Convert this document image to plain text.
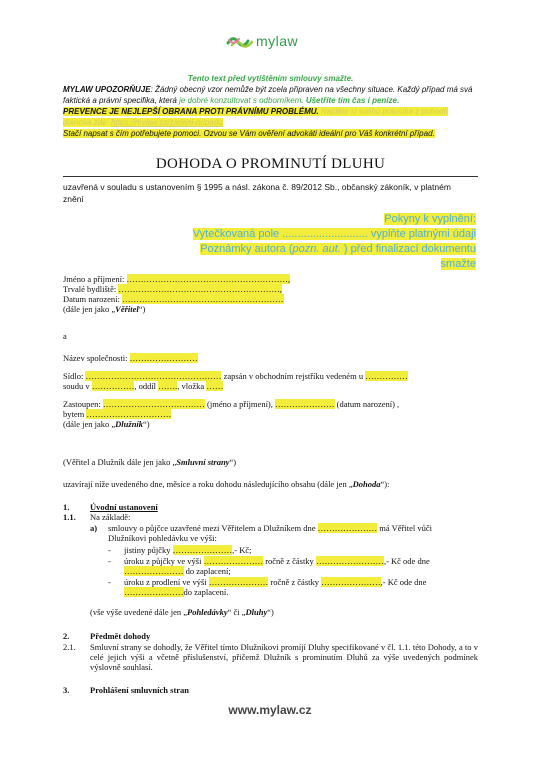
mylaw
Tento text před vytištěním smlouvy smažte.
MYLAW UPOZORŇUJE: Žádný obecný vzor nemůže být zcela připraven na všechny situace. Každý případ má svá faktická a právní specifika, která je dobré konzultovat s odborníkem. Ušetříte tím čas i peníze.
PREVENCE JE NEJLEPŠÍ OBRANA PROTI PRÁVNÍMU PROBLÉMU. Najděte si svého právníka z pohodlí domova zde: https://mylaw.cz/zadani-pripadu
Stačí napsat s čím potřebujete pomoci. Ozvou se Vám ověření advokáti ideální pro Váš konkrétní případ.
DOHODA O PROMINUTÍ DLUHU
uzavřená v souladu s ustanovením § 1995 a násl. zákona č. 89/2012 Sb., občanský zákoník, v platném znění
Pokyny k vyplnění:
Vytečkovaná pole ............................ vyplňte platnými údaji
Poznámky autora (pozn. aut. ) před finalizací dokumentu smažte
Jméno a příjmení: …………………………………………………,
Trvalé bydliště: …………………………………………………,
Datum narození: …………………………………………………
(dále jen jako „Věřitel“)
a
Název společnosti: ……………………
Sídlo: ………………………………………… zapsán v obchodním rejstříku vedeném u ……………
soudu v ……………, oddíl ……., vložka ……
Zastoupen: ……………………………… (jméno a příjmení), ………………… (datum narození) ,
bytem …………………………
(dále jen jako „Dlužník“)
(Věřitel a Dlužník dále jen jako „Smluvní strany“)
uzavírají níže uvedeného dne, měsíce a roku dohodu následujícího obsahu (dále jen „Dohoda“):
1. Úvodní ustanovení
1.1. Na základě:
a) smlouvy o půjčce uzavřené mezi Věřitelem a Dlužníkem dne ………………… má Věřitel vůči
Dlužníkovi pohledávku ve výši:
- jistiny půjčky …………………,- Kč;
- úroku z půjčky ve výši ………………… ročně z částky ……………………,- Kč ode dne
………………… do zaplacení;
- úroku z prodlení ve výši ………………… ročně z částky …………………,- Kč ode dne
…………………do zaplacení.
(vše výše uvedené dále jen „Pohledávky“ či „Dluhy“)
2. Předmět dohody
2.1. Smluvní strany se dohodly, že Věřitel tímto Dlužníkovi promíjí Dluhy specifikované v čl. 1.1. této Dohody, a to v celé jejich výši a včetně příslušenství, přičemž Dlužník s prominutím Dluhů za výše uvedených podmínek výslovně souhlasí.
3. Prohlášení smluvních stran
www.mylaw.cz
